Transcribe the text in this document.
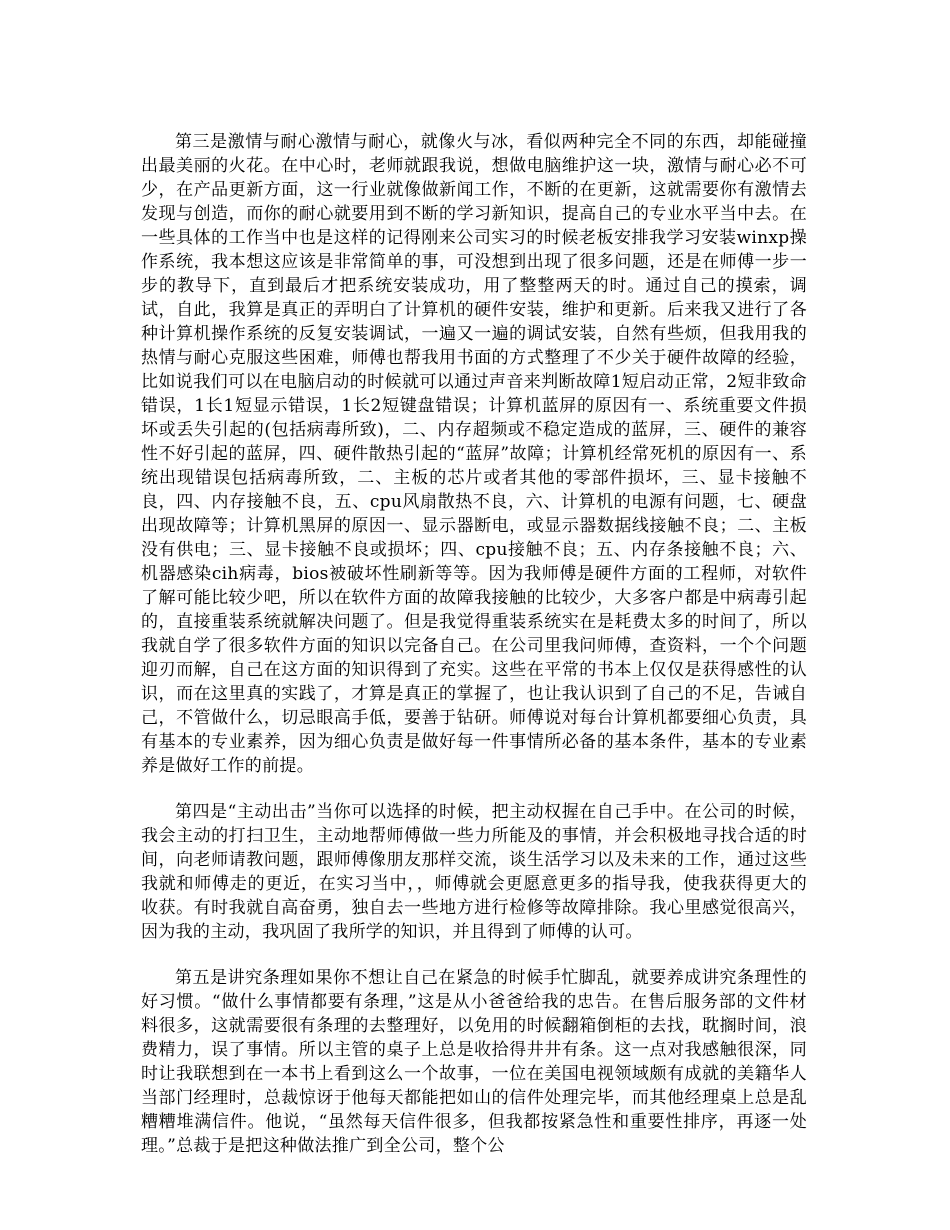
第三是激情与耐心激情与耐心，就像火与冰，看似两种完全不同的东西，却能碰撞出最美丽的火花。在中心时，老师就跟我说，想做电脑维护这一块，激情与耐心必不可少，在产品更新方面，这一行业就像做新闻工作，不断的在更新，这就需要你有激情去发现与创造，而你的耐心就要用到不断的学习新知识，提高自己的专业水平当中去。在一些具体的工作当中也是这样的记得刚来公司实习的时候老板安排我学习安装winxp操作系统，我本想这应该是非常简单的事，可没想到出现了很多问题，还是在师傅一步一步的教导下，直到最后才把系统安装成功，用了整整两天的时。通过自己的摸索，调试，自此，我算是真正的弄明白了计算机的硬件安装，维护和更新。后来我又进行了各种计算机操作系统的反复安装调试，一遍又一遍的调试安装，自然有些烦，但我用我的热情与耐心克服这些困难，师傅也帮我用书面的方式整理了不少关于硬件故障的经验，比如说我们可以在电脑启动的时候就可以通过声音来判断故障1短启动正常，2短非致命错误，1长1短显示错误，1长2短键盘错误；计算机蓝屏的原因有一、系统重要文件损坏或丢失引起的(包括病毒所致)，二、内存超频或不稳定造成的蓝屏，三、硬件的兼容性不好引起的蓝屏，四、硬件散热引起的“蓝屏”故障；计算机经常死机的原因有一、系统出现错误包括病毒所致，二、主板的芯片或者其他的零部件损坏，三、显卡接触不良，四、内存接触不良，五、cpu风扇散热不良，六、计算机的电源有问题，七、硬盘出现故障等；计算机黑屏的原因一、显示器断电，或显示器数据线接触不良；二、主板没有供电；三、显卡接触不良或损坏；四、cpu接触不良；五、内存条接触不良；六、机器感染cih病毒，bios被破坏性刷新等等。因为我师傅是硬件方面的工程师，对软件了解可能比较少吧，所以在软件方面的故障我接触的比较少，大多客户都是中病毒引起的，直接重装系统就解决问题了。但是我觉得重装系统实在是耗费太多的时间了，所以我就自学了很多软件方面的知识以完备自己。在公司里我问师傅，查资料，一个个问题迎刃而解，自己在这方面的知识得到了充实。这些在平常的书本上仅仅是获得感性的认识，而在这里真的实践了，才算是真正的掌握了，也让我认识到了自己的不足，告诫自己，不管做什么，切忌眼高手低，要善于钻研。师傅说对每台计算机都要细心负责，具有基本的专业素养，因为细心负责是做好每一件事情所必备的基本条件，基本的专业素养是做好工作的前提。

第四是“主动出击”当你可以选择的时候，把主动权握在自己手中。在公司的时候，我会主动的打扫卫生，主动地帮师傅做一些力所能及的事情，并会积极地寻找合适的时间，向老师请教问题，跟师傅像朋友那样交流，谈生活学习以及未来的工作，通过这些我就和师傅走的更近，在实习当中，，师傅就会更愿意更多的指导我，使我获得更大的收获。有时我就自高奋勇，独自去一些地方进行检修等故障排除。我心里感觉很高兴，因为我的主动，我巩固了我所学的知识，并且得到了师傅的认可。

第五是讲究条理如果你不想让自己在紧急的时候手忙脚乱，就要养成讲究条理性的好习惯。“做什么事情都要有条理，”这是从小爸爸给我的忠告。在售后服务部的文件材料很多，这就需要很有条理的去整理好，以免用的时候翻箱倒柜的去找，耽搁时间，浪费精力，误了事情。所以主管的桌子上总是收拾得井井有条。这一点对我感触很深，同时让我联想到在一本书上看到这么一个故事，一位在美国电视领域颇有成就的美籍华人当部门经理时，总裁惊讶于他每天都能把如山的信件处理完毕，而其他经理桌上总是乱糟糟堆满信件。他说，“虽然每天信件很多，但我都按紧急性和重要性排序，再逐一处理。”总裁于是把这种做法推广到全公司，整个公
